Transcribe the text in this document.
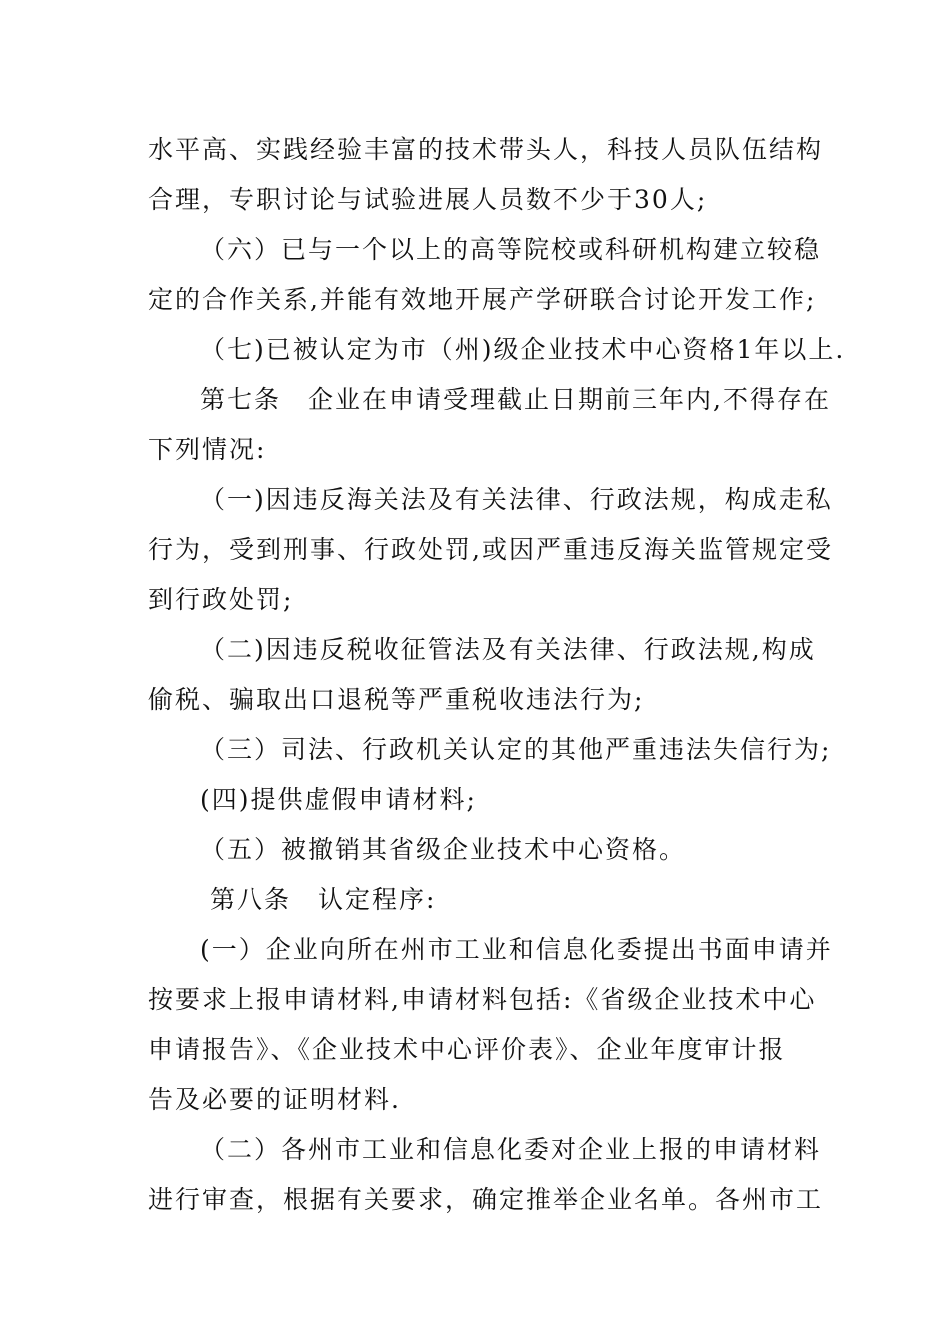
水平高、实践经验丰富的技术带头人，科技人员队伍结构
合理，专职讨论与试验进展人员数不少于30人;
（六）已与一个以上的高等院校或科研机构建立较稳
定的合作关系,并能有效地开展产学研联合讨论开发工作;
（七)已被认定为市（州)级企业技术中心资格1年以上.
第七条　企业在申请受理截止日期前三年内,不得存在
下列情况:
（一)因违反海关法及有关法律、行政法规，构成走私
行为，受到刑事、行政处罚,或因严重违反海关监管规定受
到行政处罚;
（二)因违反税收征管法及有关法律、行政法规,构成
偷税、骗取出口退税等严重税收违法行为;
（三）司法、行政机关认定的其他严重违法失信行为;
(四)提供虚假申请材料;
（五）被撤销其省级企业技术中心资格。
第八条　认定程序:
(一）企业向所在州市工业和信息化委提出书面申请并
按要求上报申请材料,申请材料包括:《省级企业技术中心
申请报告》、《企业技术中心评价表》、企业年度审计报
告及必要的证明材料.
（二）各州市工业和信息化委对企业上报的申请材料
进行审查，根据有关要求，确定推举企业名单。各州市工
